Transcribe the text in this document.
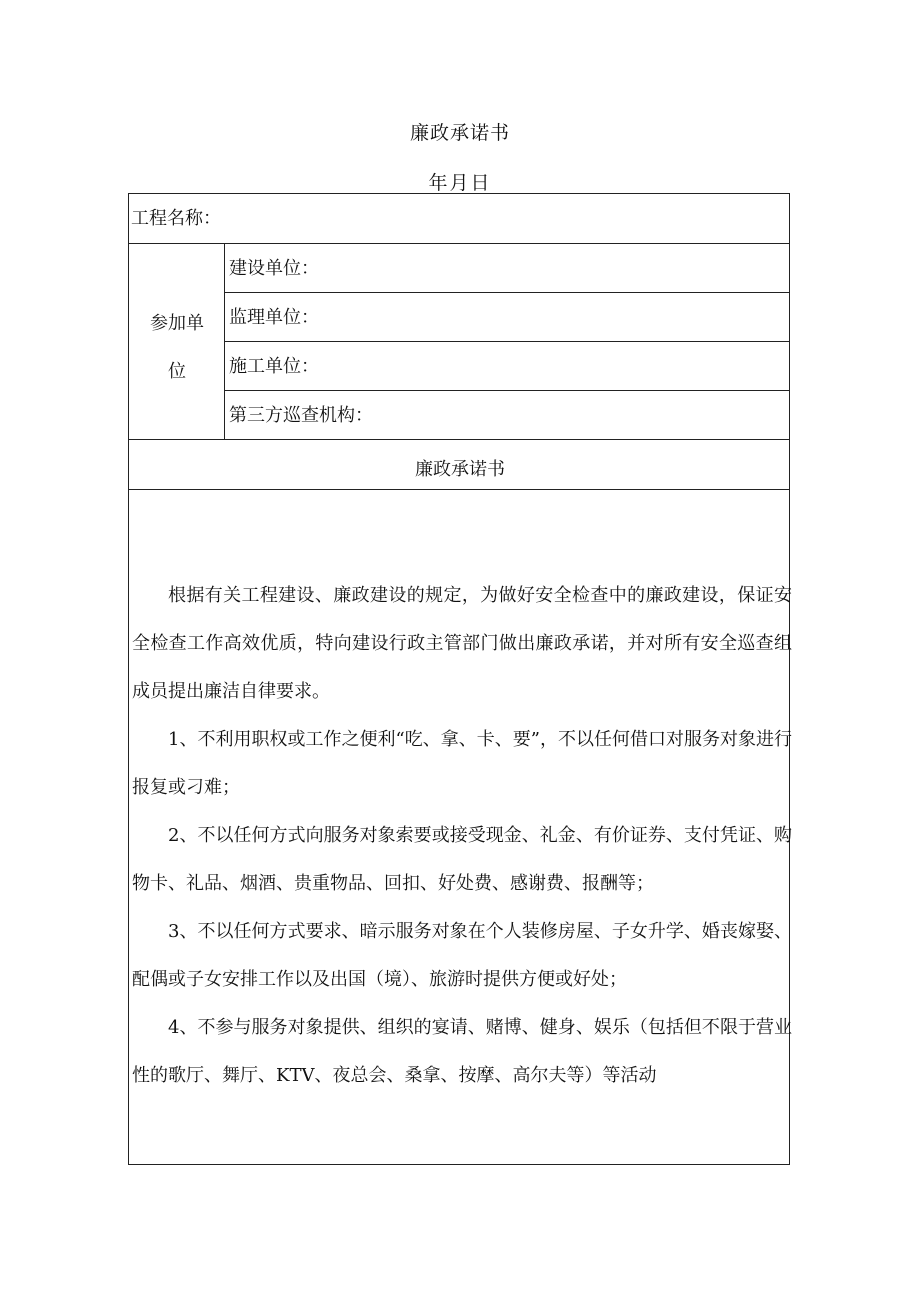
廉政承诺书
年月日
工程名称：
参加单
位
建设单位：
监理单位：
施工单位：
第三方巡查机构：
廉政承诺书

根据有关工程建设、廉政建设的规定，为做好安全检查中的廉政建设，保证安全检查工作高效优质，特向建设行政主管部门做出廉政承诺，并对所有安全巡查组成员提出廉洁自律要求。

1、不利用职权或工作之便利“吃、拿、卡、要”，不以任何借口对服务对象进行报复或刁难；

2、不以任何方式向服务对象索要或接受现金、礼金、有价证券、支付凭证、购物卡、礼品、烟酒、贵重物品、回扣、好处费、感谢费、报酬等；

3、不以任何方式要求、暗示服务对象在个人装修房屋、子女升学、婚丧嫁娶、配偶或子女安排工作以及出国（境）、旅游时提供方便或好处；

4、不参与服务对象提供、组织的宴请、赌博、健身、娱乐（包括但不限于营业性的歌厅、舞厅、KTV、夜总会、桑拿、按摩、高尔夫等）等活动
